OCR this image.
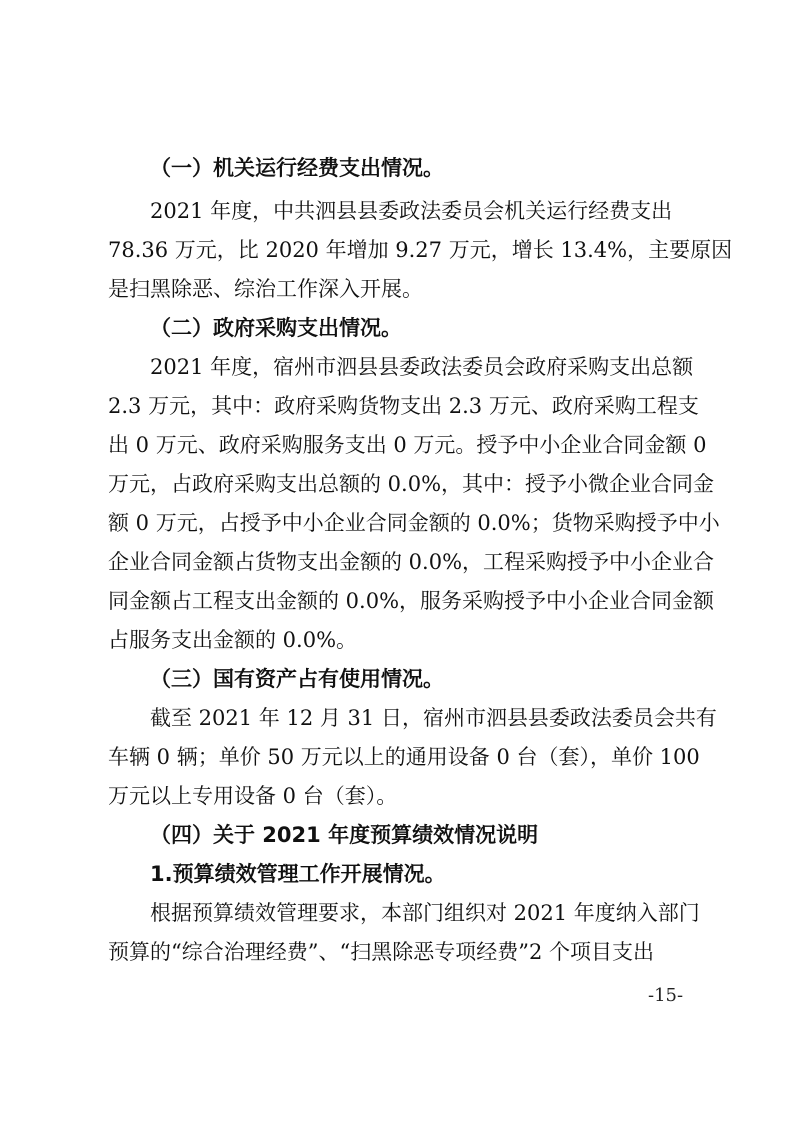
（一）机关运行经费支出情况。
2021 年度，中共泗县县委政法委员会机关运行经费支出
78.36 万元，比 2020 年增加 9.27 万元，增长 13.4%，主要原因
是扫黑除恶、综治工作深入开展。
（二）政府采购支出情况。
2021 年度，宿州市泗县县委政法委员会政府采购支出总额
2.3 万元，其中：政府采购货物支出 2.3 万元、政府采购工程支
出 0 万元、政府采购服务支出 0 万元。授予中小企业合同金额 0
万元，占政府采购支出总额的 0.0%，其中：授予小微企业合同金
额 0 万元，占授予中小企业合同金额的 0.0%；货物采购授予中小
企业合同金额占货物支出金额的 0.0%，工程采购授予中小企业合
同金额占工程支出金额的 0.0%，服务采购授予中小企业合同金额
占服务支出金额的 0.0%。
（三）国有资产占有使用情况。
截至 2021 年 12 月 31 日，宿州市泗县县委政法委员会共有
车辆 0 辆；单价 50 万元以上的通用设备 0 台（套），单价 100
万元以上专用设备 0 台（套）。
（四）关于 2021 年度预算绩效情况说明
1.预算绩效管理工作开展情况。
根据预算绩效管理要求，本部门组织对 2021 年度纳入部门
预算的“综合治理经费”、“扫黑除恶专项经费”2 个项目支出
-15-
